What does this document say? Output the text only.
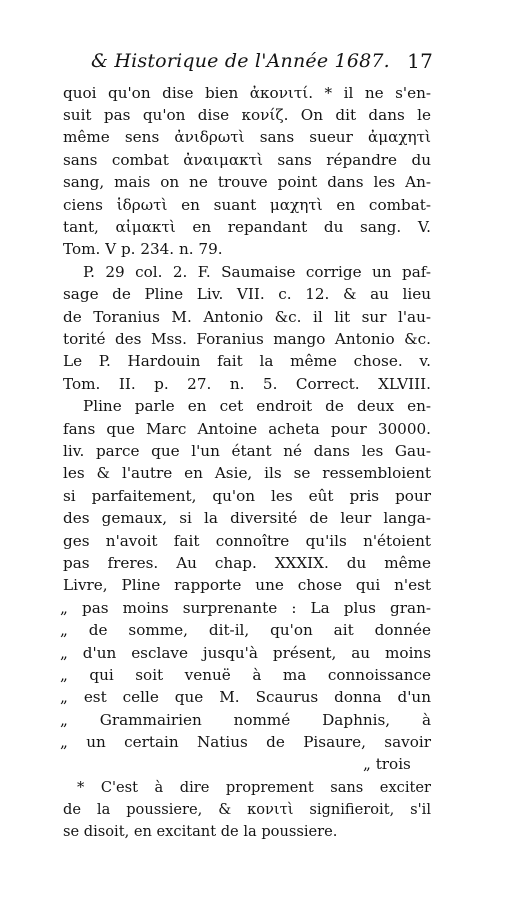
& Historique de l'Année 1687. 17
quoi qu'on dise bien ἀκονιτί. * il ne s'en-
suit pas qu'on dise κονίζ. On dit dans le
même sens ἀνιδρωτὶ sans sueur ἀμαχητὶ
sans combat ἀναιμακτὶ sans répandre du
sang, mais on ne trouve point dans les An-
ciens ἱδρωτὶ en suant μαχητὶ en combat-
tant, αἱμακτὶ en repandant du sang. V.
Tom. V p. 234. n. 79.
P. 29 col. 2. F. Saumaise corrige un paf-
sage de Pline Liv. VII. c. 12. & au lieu
de Toranius M. Antonio &c. il lit sur l'au-
torité des Mss. Foranius mango Antonio &c.
Le P. Hardouin fait la même chose. v.
Tom. II. p. 27. n. 5. Correct. XLVIII.
Pline parle en cet endroit de deux en-
fans que Marc Antoine acheta pour 30000.
liv. parce que l'un étant né dans les Gau-
les & l'autre en Asie, ils se ressembloient
si parfaitement, qu'on les eût pris pour
des gemaux, si la diversité de leur langa-
ges n'avoit fait connoître qu'ils n'étoient
pas freres. Au chap. XXXIX. du même
Livre, Pline rapporte une chose qui n'est
„ pas moins surprenante : La plus gran-
„ de somme, dit-il, qu'on ait donnée
„ d'un esclave jusqu'à présent, au moins
„ qui soit venuë à ma connoissance
„ est celle que M. Scaurus donna d'un
„ Grammairien nommé Daphnis, à
„ un certain Natius de Pisaure, savoir
„ trois
* C'est à dire proprement sans exciter
de la poussiere, & κονιτὶ signifieroit, s'il
se disoit, en excitant de la poussiere.
